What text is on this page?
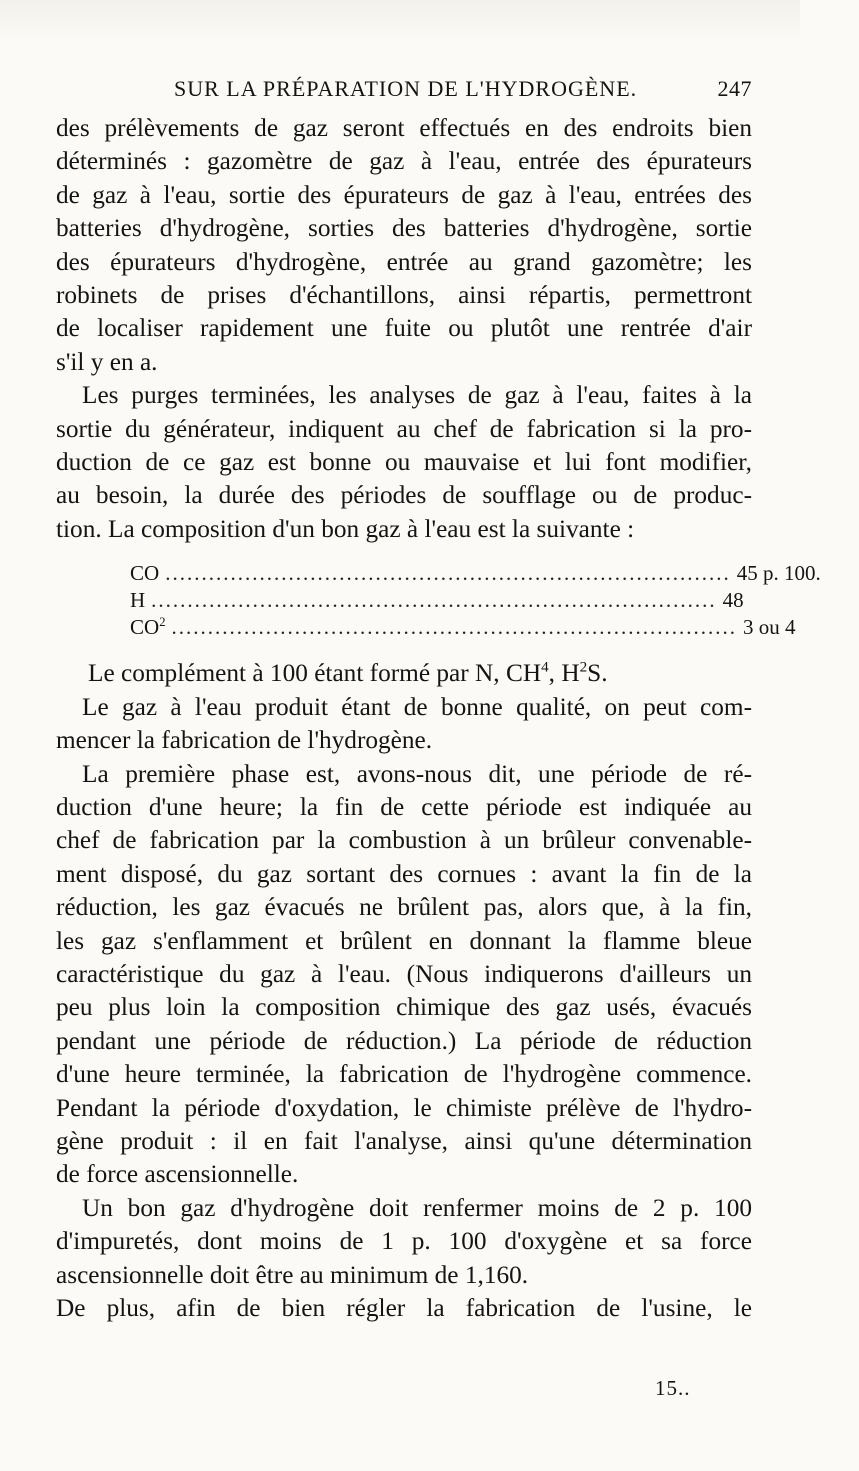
SUR LA PRÉPARATION DE L'HYDROGÈNE.	247

des prélèvements de gaz seront effectués en des endroits bien
déterminés : gazomètre de gaz à l'eau, entrée des épurateurs
de gaz à l'eau, sortie des épurateurs de gaz à l'eau, entrées des
batteries d'hydrogène, sorties des batteries d'hydrogène, sortie
des épurateurs d'hydrogène, entrée au grand gazomètre; les
robinets de prises d'échantillons, ainsi répartis, permettront
de localiser rapidement une fuite ou plutôt une rentrée d'air
s'il y en a.

Les purges terminées, les analyses de gaz à l'eau, faites à la
sortie du générateur, indiquent au chef de fabrication si la pro-
duction de ce gaz est bonne ou mauvaise et lui font modifier,
au besoin, la durée des périodes de soufflage ou de produc-
tion. La composition d'un bon gaz à l'eau est la suivante :

CO .............................................................................. 45 p. 100.
H .............................................................................. 48
$CO^2$ .............................................................................. 3 ou 4

Le complément à 100 étant formé par N, $CH^4$, $H^2S$.

Le gaz à l'eau produit étant de bonne qualité, on peut com-
mencer la fabrication de l'hydrogène.

La première phase est, avons-nous dit, une période de ré-
duction d'une heure; la fin de cette période est indiquée au
chef de fabrication par la combustion à un brûleur convenable-
ment disposé, du gaz sortant des cornues : avant la fin de la
réduction, les gaz évacués ne brûlent pas, alors que, à la fin,
les gaz s'enflamment et brûlent en donnant la flamme bleue
caractéristique du gaz à l'eau. (Nous indiquerons d'ailleurs un
peu plus loin la composition chimique des gaz usés, évacués
pendant une période de réduction.) La période de réduction
d'une heure terminée, la fabrication de l'hydrogène commence.
Pendant la période d'oxydation, le chimiste prélève de l'hydro-
gène produit : il en fait l'analyse, ainsi qu'une détermination
de force ascensionnelle.

Un bon gaz d'hydrogène doit renfermer moins de 2 p. 100
d'impuretés, dont moins de 1 p. 100 d'oxygène et sa force
ascensionnelle doit être au minimum de 1,160.

De plus, afin de bien régler la fabrication de l'usine, le

15..
